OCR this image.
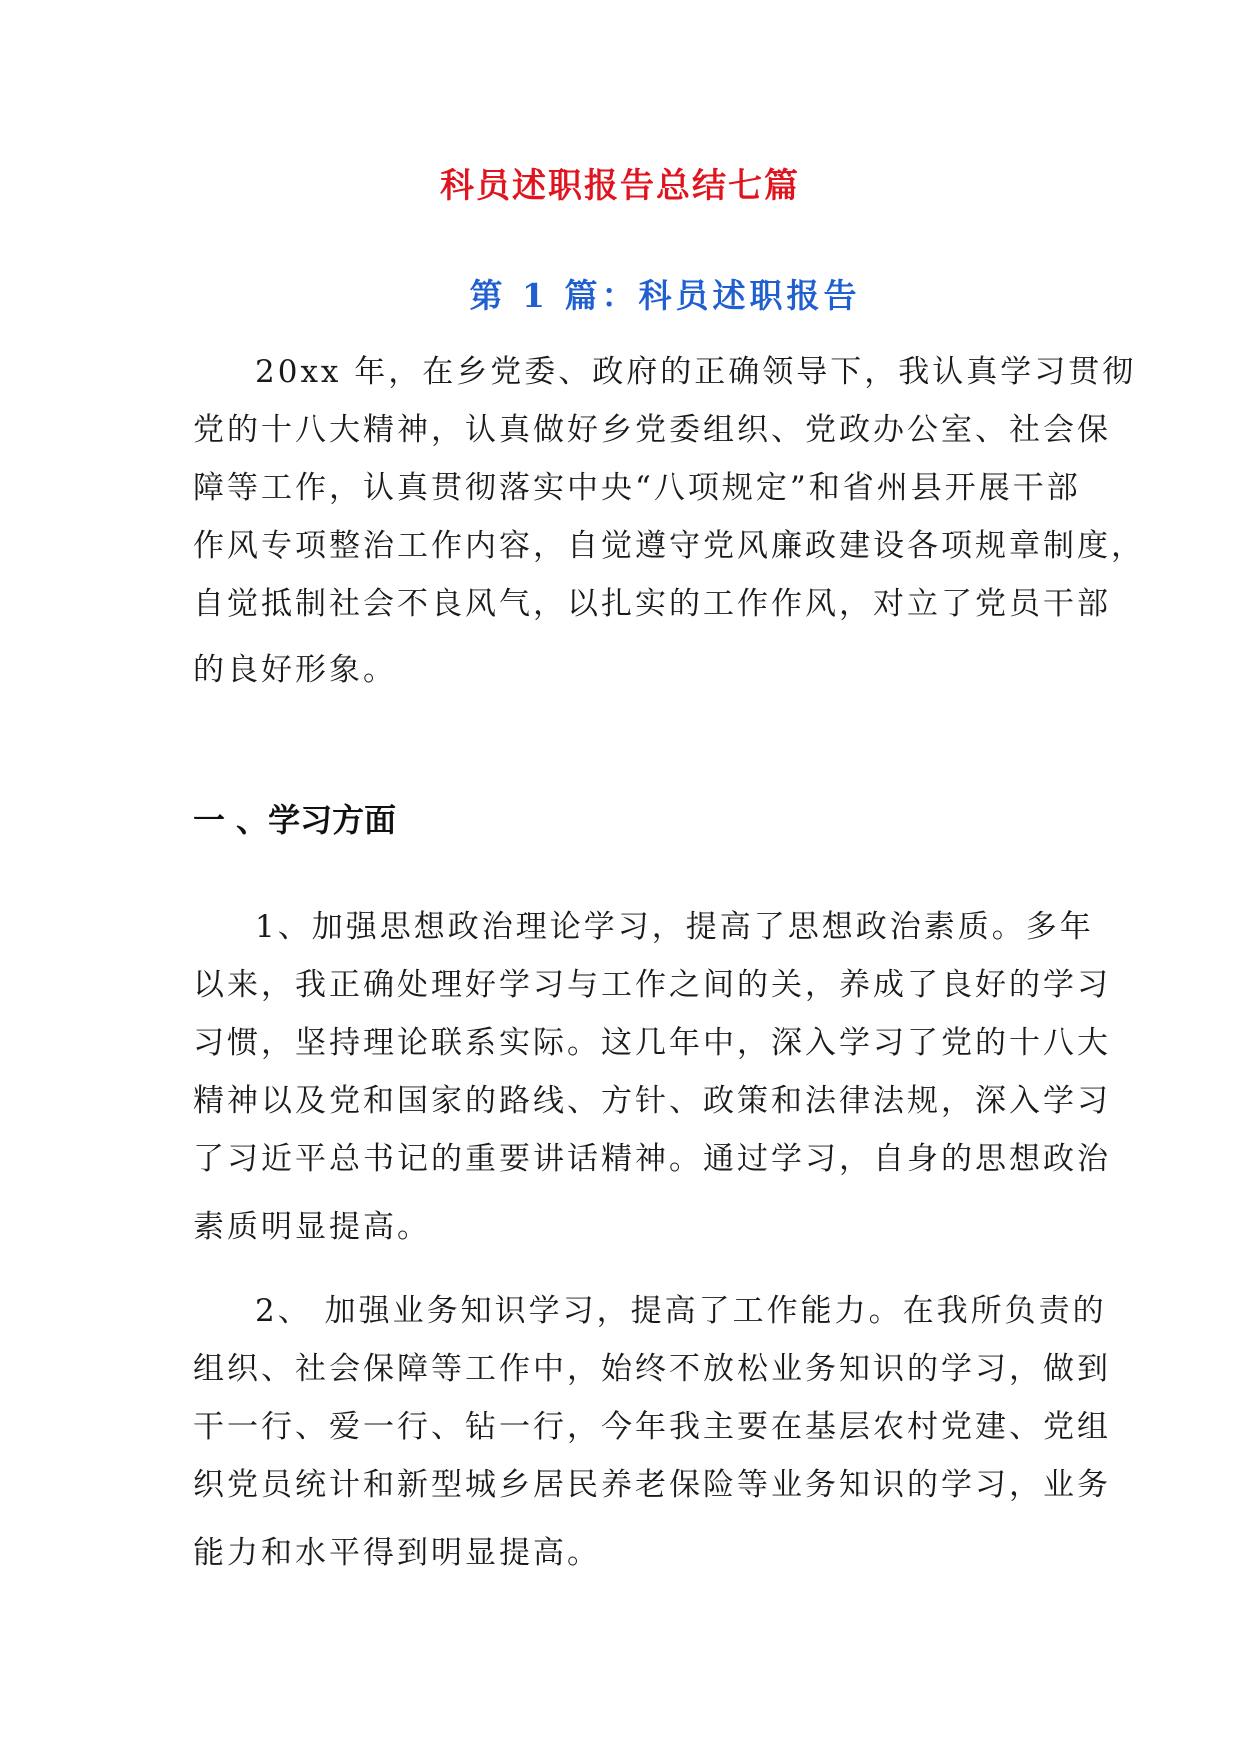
科员述职报告总结七篇
第 1 篇：科员述职报告
20xx 年，在乡党委、政府的正确领导下，我认真学习贯彻
党的十八大精神，认真做好乡党委组织、党政办公室、社会保
障等工作，认真贯彻落实中央“八项规定”和省州县开展干部
作风专项整治工作内容，自觉遵守党风廉政建设各项规章制度，
自觉抵制社会不良风气，以扎实的工作作风，对立了党员干部
的良好形象。
一 、学习方面
1、加强思想政治理论学习，提高了思想政治素质。多年
以来，我正确处理好学习与工作之间的关，养成了良好的学习
习惯，坚持理论联系实际。这几年中，深入学习了党的十八大
精神以及党和国家的路线、方针、政策和法律法规，深入学习
了习近平总书记的重要讲话精神。通过学习，自身的思想政治
素质明显提高。
2、 加强业务知识学习，提高了工作能力。在我所负责的
组织、社会保障等工作中，始终不放松业务知识的学习，做到
干一行、爱一行、钻一行，今年我主要在基层农村党建、党组
织党员统计和新型城乡居民养老保险等业务知识的学习，业务
能力和水平得到明显提高。
